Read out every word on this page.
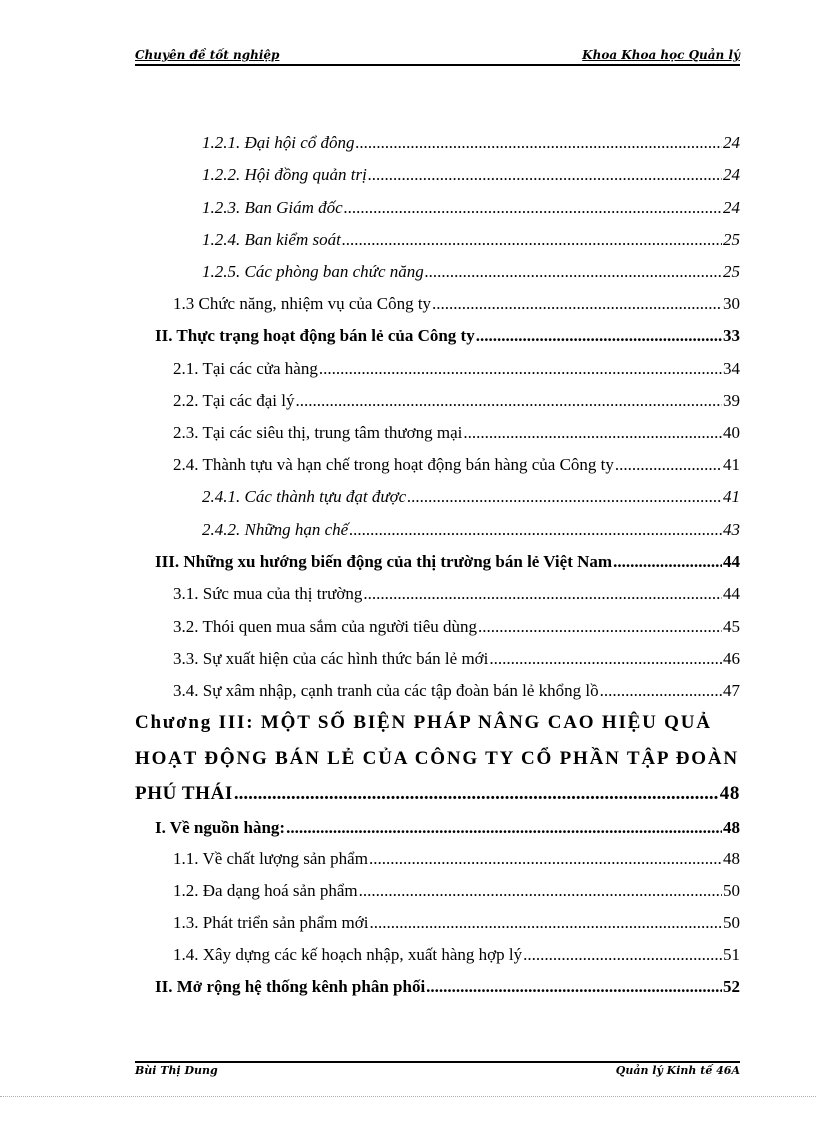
Chuyên đề tốt nghiệp	Khoa Khoa học Quản lý
1.2.1. Đại hội cổ đông .....	24
1.2.2. Hội đồng quản trị .....	24
1.2.3. Ban Giám đốc .....	24
1.2.4. Ban kiểm soát .....	25
1.2.5. Các phòng ban chức năng .....	25
1.3 Chức năng, nhiệm vụ của Công ty .....	30
II. Thực trạng hoạt động bán lẻ của Công ty .....	33
2.1. Tại các cửa hàng .....	34
2.2. Tại các đại lý .....	39
2.3. Tại các siêu thị, trung tâm thương mại .....	40
2.4. Thành tựu và hạn chế trong hoạt động bán hàng của Công ty .....	41
2.4.1. Các thành tựu đạt được .....	41
2.4.2. Những hạn chế .....	43
III. Những xu hướng biến động của thị trường bán lẻ Việt Nam .....	44
3.1. Sức mua của thị trường .....	44
3.2. Thói quen mua sắm của người tiêu dùng .....	45
3.3. Sự xuất hiện của các hình thức bán lẻ mới .....	46
3.4. Sự xâm nhập, cạnh tranh của các tập đoàn bán lẻ khổng lồ .....	47
Chương III: MỘT SỐ BIỆN PHÁP NÂNG CAO HIỆU QUẢ
HOẠT ĐỘNG BÁN LẺ CỦA CÔNG TY CỔ PHẦN TẬP ĐOÀN
PHÚ THÁI .....	48
I. Về nguồn hàng: .....	48
1.1. Về chất lượng sản phẩm .....	48
1.2. Đa dạng hoá sản phẩm .....	50
1.3. Phát triển sản phẩm mới .....	50
1.4. Xây dựng các kế hoạch nhập, xuất hàng hợp lý .....	51
II. Mở rộng hệ thống kênh phân phối .....	52
Bùi Thị Dung	Quản lý Kinh tế 46A
